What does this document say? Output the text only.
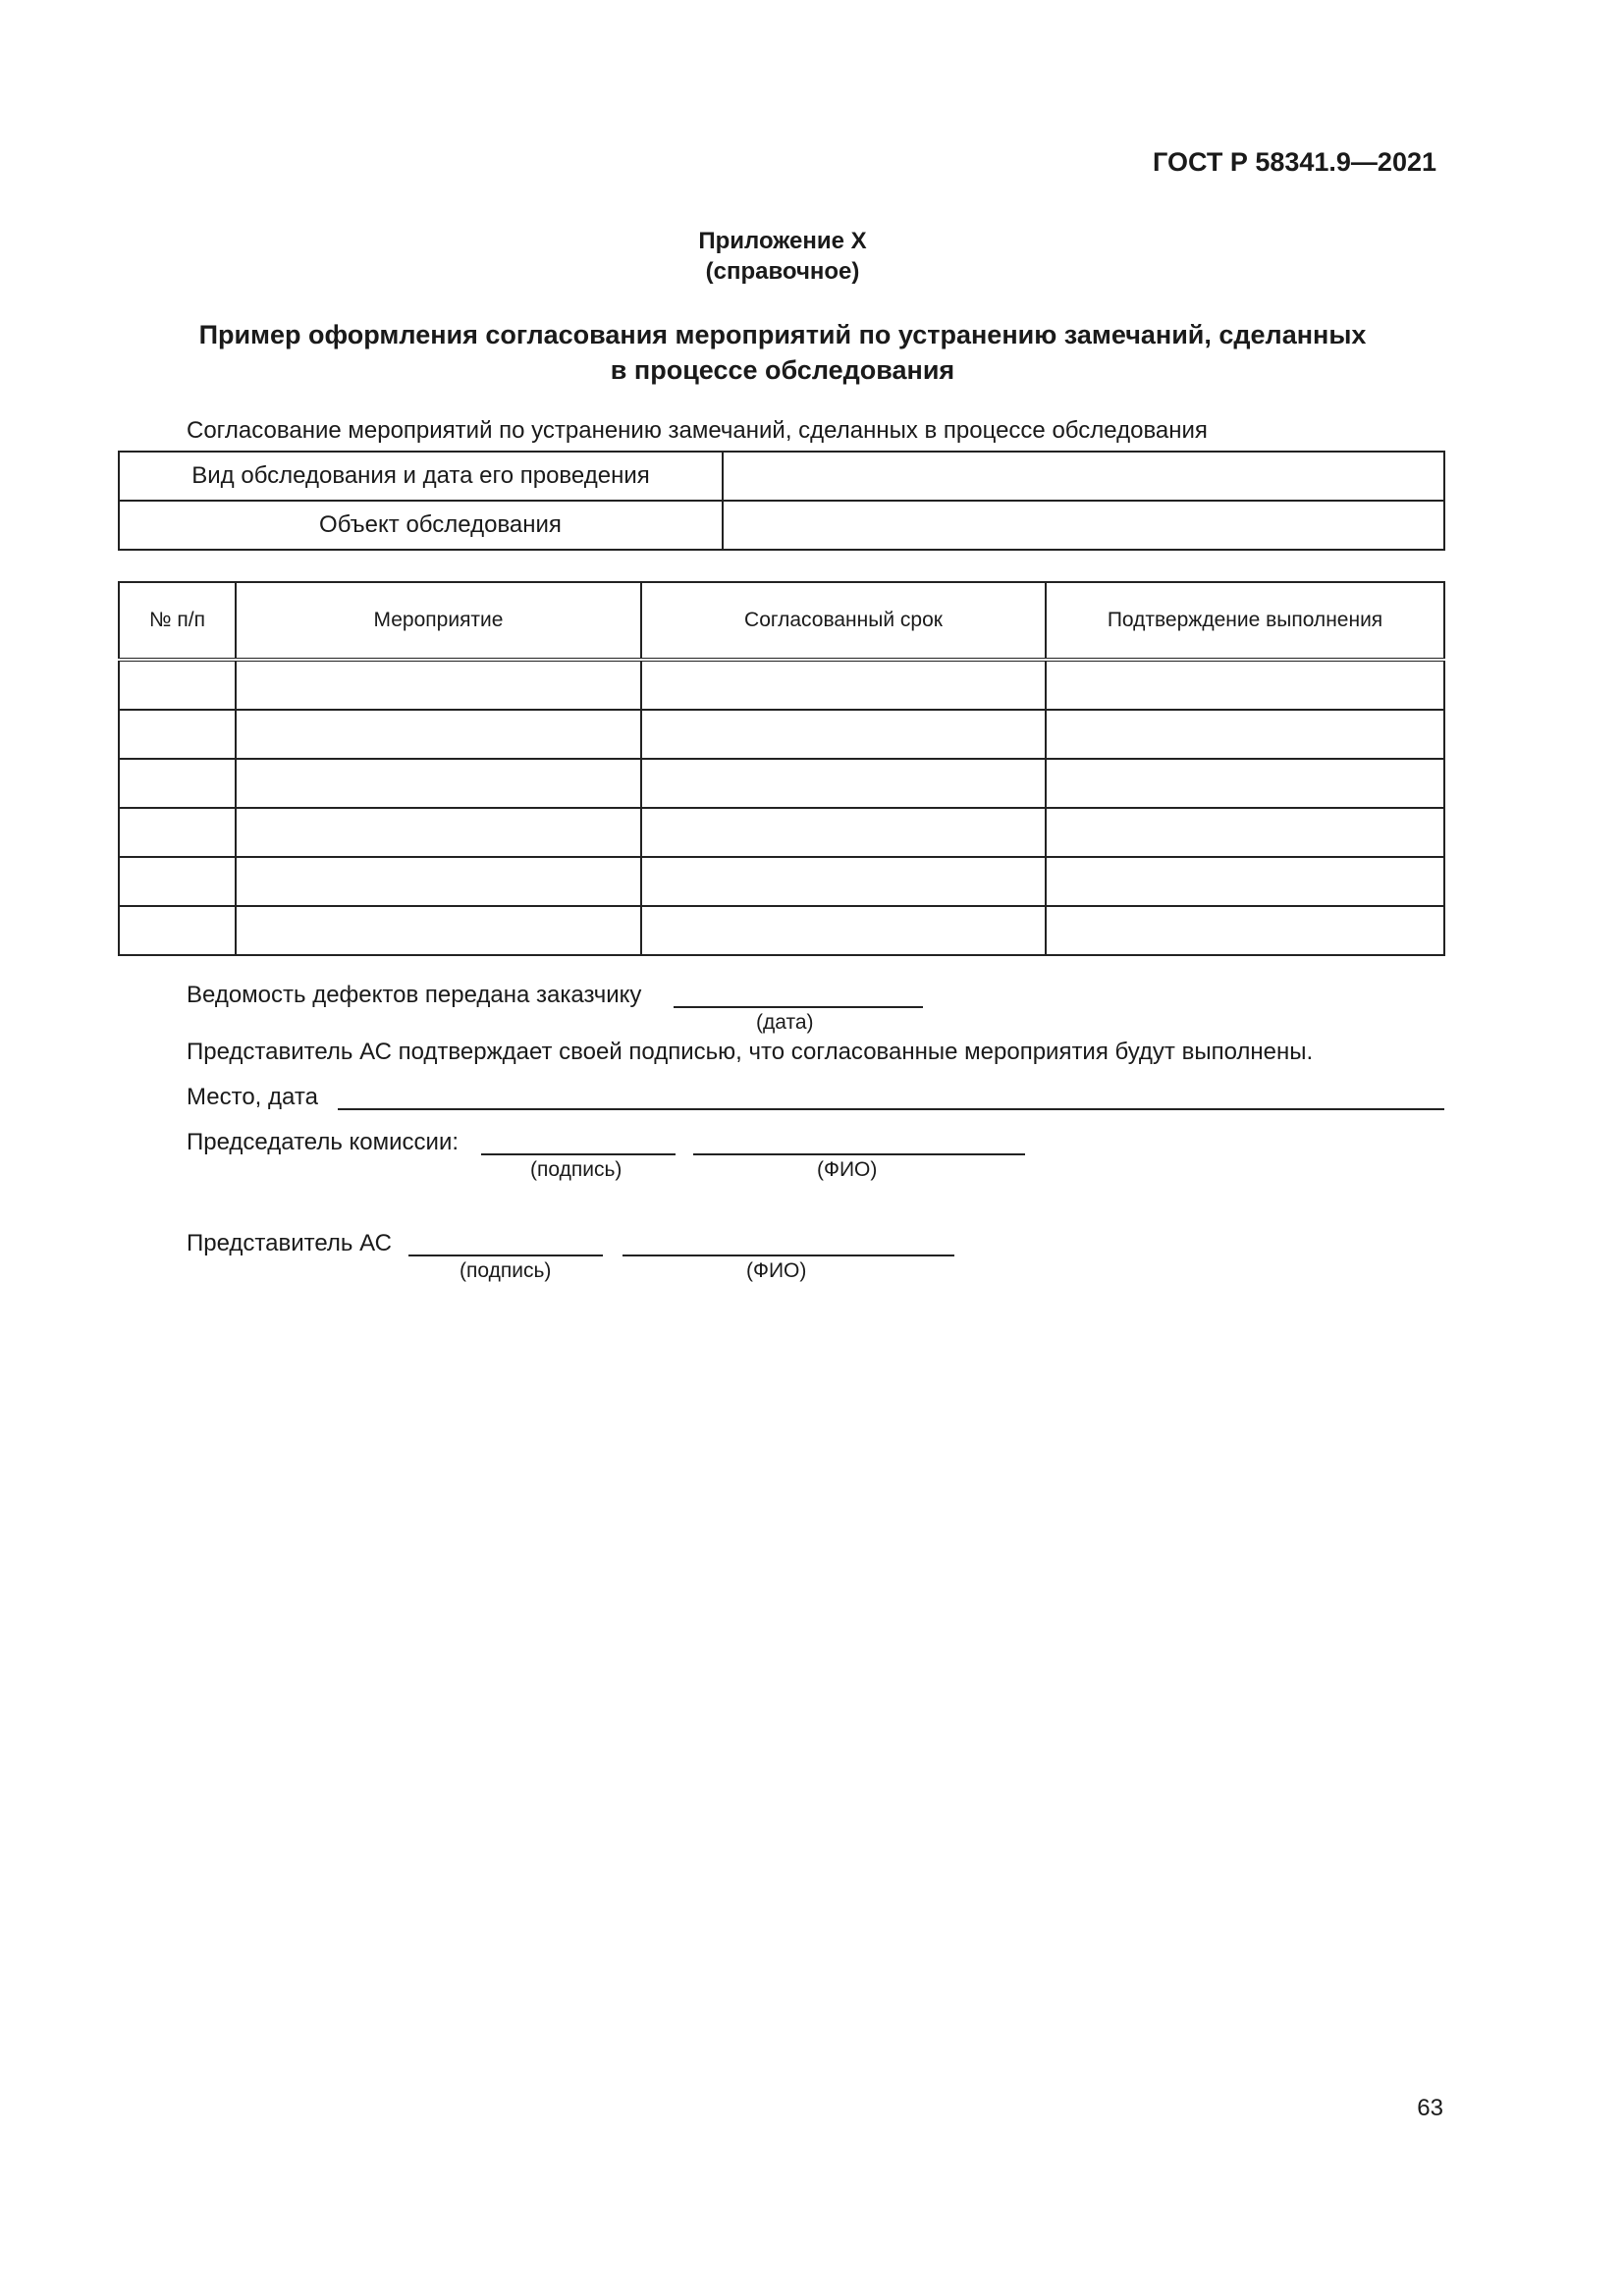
ГОСТ Р 58341.9—2021
Приложение X
(справочное)
Пример оформления согласования мероприятий по устранению замечаний, сделанных
в процессе обследования
Согласование мероприятий по устранению замечаний, сделанных в процессе обследования
Вид обследования и дата его проведения	
Объект обследования	
№ п/п	Мероприятие	Согласованный срок	Подтверждение выполнения

Ведомость дефектов передана заказчику
(дата)
Представитель АС подтверждает своей подписью, что согласованные мероприятия будут выполнены.
Место, дата
Председатель комиссии:
(подпись)	(ФИО)
Представитель АС
(подпись)	(ФИО)
63
